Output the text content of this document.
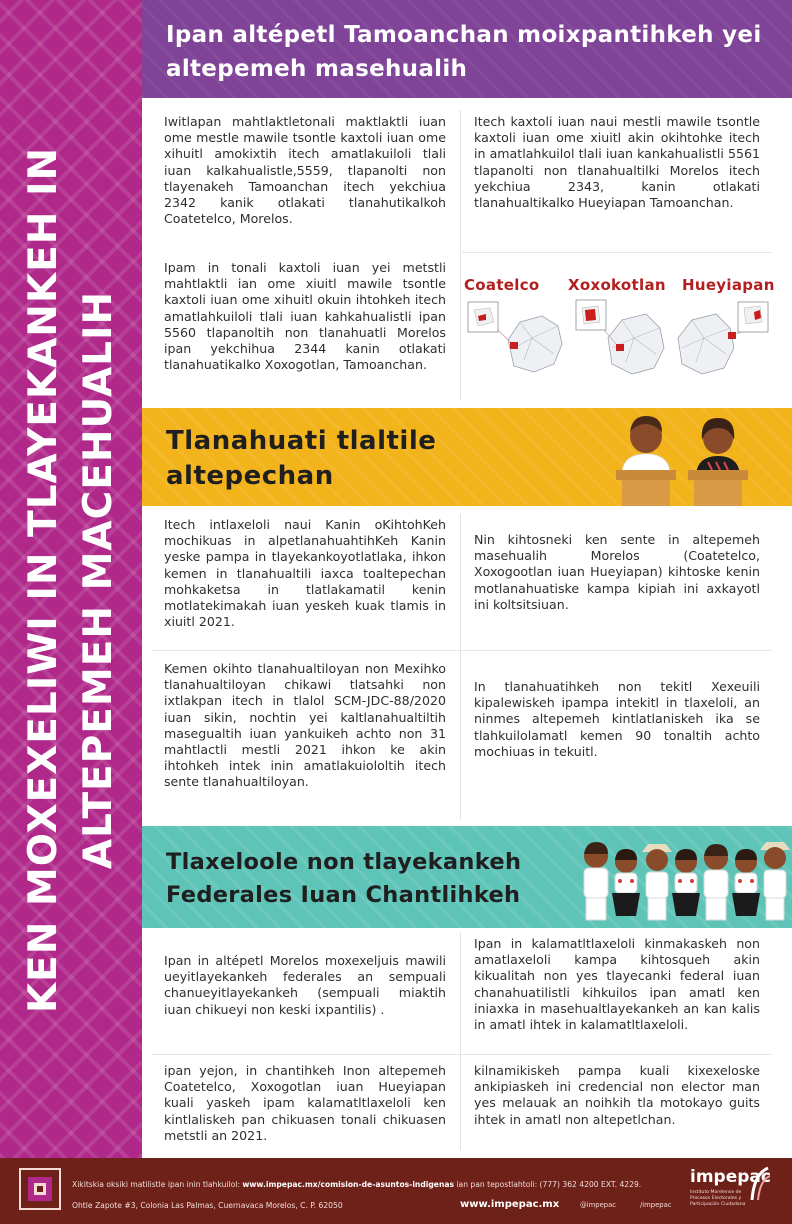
KEN MOXEXELIWI IN TLAYEKANKEH IN ALTEPEMEH MACEHUALIH
Ipan altépetl Tamoanchan moixpantihkeh yei altepemeh masehualih

Iwitlapan mahtlaktletonali maktlaktli iuan ome mestle mawile tsontle kaxtoli iuan ome xihuitl amokixtih itech amatlakuiloli tlali iuan kalkahualistle,5559, tlapanolti non tlayenakeh Tamoanchan itech yekchiua 2342 kanik otlakati tlanahutikalkoh Coatetelco, Morelos.

Ipam in tonali kaxtoli iuan yei metstli mahtlaktli ian ome xiuitl mawile tsontle kaxtoli iuan ome xihuitl okuin ihtohkeh itech amatlahkuiloli tlali iuan kahkahualistli ipan 5560 tlapanoltih non tlanahuatli Morelos ipan yekchihua 2344 kanin otlakati tlanahuatikalko Xoxogotlan, Tamoanchan.

Itech kaxtoli iuan naui mestli mawile tsontle kaxtoli iuan ome xiuitl akin okihtohke itech in amatlahkuilol tlali iuan kankahualistli 5561 tlapanolti non tlanahualtilki Morelos itech yekchiua 2343, kanin otlakati tlanahualtikalko Hueyiapan Tamoanchan.

Coatelco Xoxokotlan Hueyiapan
Tlanahuati tlaltile altepechan

Itech intlaxeloli naui Kanin oKihtohKeh mochikuas in alpetlanahuahtihKeh Kanin yeske pampa in tlayekankoyotlatlaka, ihkon kemen in tlanahualtili iaxca toaltepechan mohkaketsa in tlatlakamatil kenin motlatekimakah iuan yeskeh kuak tlamis in xiuitl 2021.

Nin kihtosneki ken sente in altepemeh masehualih Morelos (Coatetelco, Xoxogootlan iuan Hueyiapan) kihtoske kenin motlanahuatiske kampa kipiah ini axkayotl ini koltsitsiuan.

Kemen okihto tlanahualtiloyan non Mexihko tlanahualtiloyan chikawi tlatsahki non ixtlakpan itech in tlalol SCM-JDC-88/2020 iuan sikin, nochtin yei kaltlanahualtiltih masegualtih iuan yankuikeh achto non 31 mahtlactli mestli 2021 ihkon ke akin ihtohkeh intek inin amatlakuiololtih itech sente tlanahualtiloyan.

In tlanahuatihkeh non tekitl Xexeuili kipalewiskeh ipampa intekitl in tlaxeloli, an ninmes altepemeh kintlatlaniskeh ika se tlahkuilolamatl kemen 90 tonaltih achto mochiuas in tekuitl.

Tlaxeloole non tlayekankeh Federales Iuan Chantlihkeh

Ipan in altépetl Morelos moxexeljuis mawili ueyitlayekankeh federales an sempuali chanueyitlayekankeh (sempuali miaktih iuan chikueyi non keski ixpantilis) .

Ipan in kalamatltlaxeloli kinmakaskeh non amatlaxeloli kampa kihtosqueh akin kikualitah non yes tlayecanki federal iuan chanahuatilistli kihkuilos ipan amatl ken iniaxka in masehualtlayekankeh an kan kalis in amatl ihtek in kalamatltlaxeloli.

ipan yejon, in chantihkeh Inon altepemeh Coatetelco, Xoxogotlan iuan Hueyiapan kuali yaskeh ipam kalamatltlaxeloli ken kintlaliskeh pan chikuasen tonali chikuasen metstli an 2021.

kilnamikiskeh pampa kuali kixexeloske ankipiaskeh ini credencial non elector man yes melauak an noihkih tla motokayo guits ihtek in amatl non altepetlchan.

Xikitskia oksiki matilistle ipan inin tlahkuilol: www.impepac.mx/comision-de-asuntos-indigenas ian pan tepostlahtoli: (777) 362 4200 EXT. 4229.
Ohtle Zapote #3, Colonia Las Palmas, Cuernavaca Morelos, C. P. 62050	www.impepac.mx	@impepac	/impepac
impepac
Instituto Morelense de Procesos Electorales y Participación Ciudadana
